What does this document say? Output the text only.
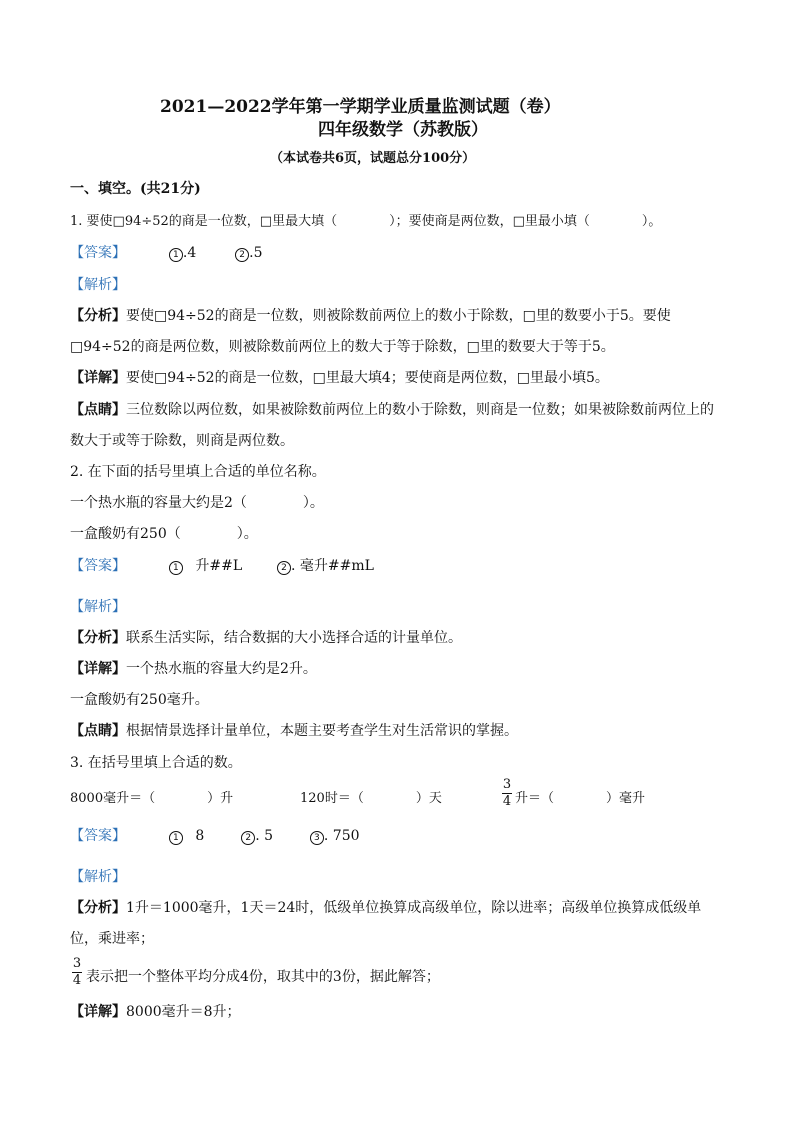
2021—2022学年第一学期学业质量监测试题（卷）
四年级数学（苏教版）
（本试卷共6页，试题总分100分）
一、填空。(共21分)
1. 要使□94÷52的商是一位数，□里最大填（　　　　）；要使商是两位数，□里最小填（　　　　）。
【答案】	1 .4	2 .5
【解析】
【分析】要使□94÷52的商是一位数，则被除数前两位上的数小于除数，□里的数要小于5。要使
□94÷52的商是两位数，则被除数前两位上的数大于等于除数，□里的数要大于等于5。
【详解】要使□94÷52的商是一位数，□里最大填4；要使商是两位数，□里最小填5。
【点睛】三位数除以两位数，如果被除数前两位上的数小于除数，则商是一位数；如果被除数前两位上的
数大于或等于除数，则商是两位数。
2. 在下面的括号里填上合适的单位名称。
一个热水瓶的容量大约是2（　　　　）。
一盒酸奶有250（　　　　）。
【答案】	1 升##L	2 . 毫升##mL
【解析】
【分析】联系生活实际，结合数据的大小选择合适的计量单位。
【详解】一个热水瓶的容量大约是2升。
一盒酸奶有250毫升。
【点睛】根据情景选择计量单位，本题主要考查学生对生活常识的掌握。
3. 在括号里填上合适的数。
8000毫升＝（　　　　）升	120时＝（　　　　）天
3
4 升＝（　　　　）毫升
【答案】	1 8	2 . 5	3 . 750
【解析】
【分析】1升＝1000毫升，1天＝24时，低级单位换算成高级单位，除以进率；高级单位换算成低级单
位，乘进率；
3
4 表示把一个整体平均分成4份，取其中的3份，据此解答；
【详解】8000毫升＝8升；
